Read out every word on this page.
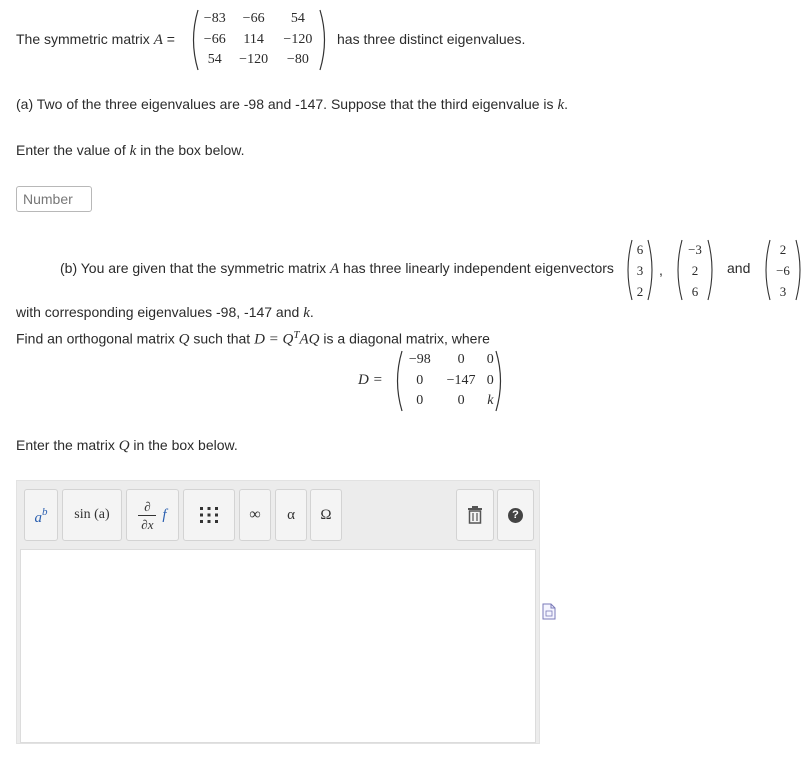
The symmetric matrix A =
−83	−66	54
−66	114	−120
54	−120	−80
has three distinct eigenvalues.
(a) Two of the three eigenvalues are -98 and -147. Suppose that the third eigenvalue is k.
Enter the value of k in the box below.
Number
(b) You are given that the symmetric matrix A has three linearly independent eigenvectors
6
3
2
,
−3
2
6
and
2
−6
3
with corresponding eigenvalues -98, -147 and k.
Find an orthogonal matrix Q such that $D = Q^TAQ$ is a diagonal matrix, where
D =
−98	0	0
0	−147	0
0	0	k
Enter the matrix Q in the box below.
$a^b$	sin (a)
∂
∂x
f	∞	α	Ω	?
